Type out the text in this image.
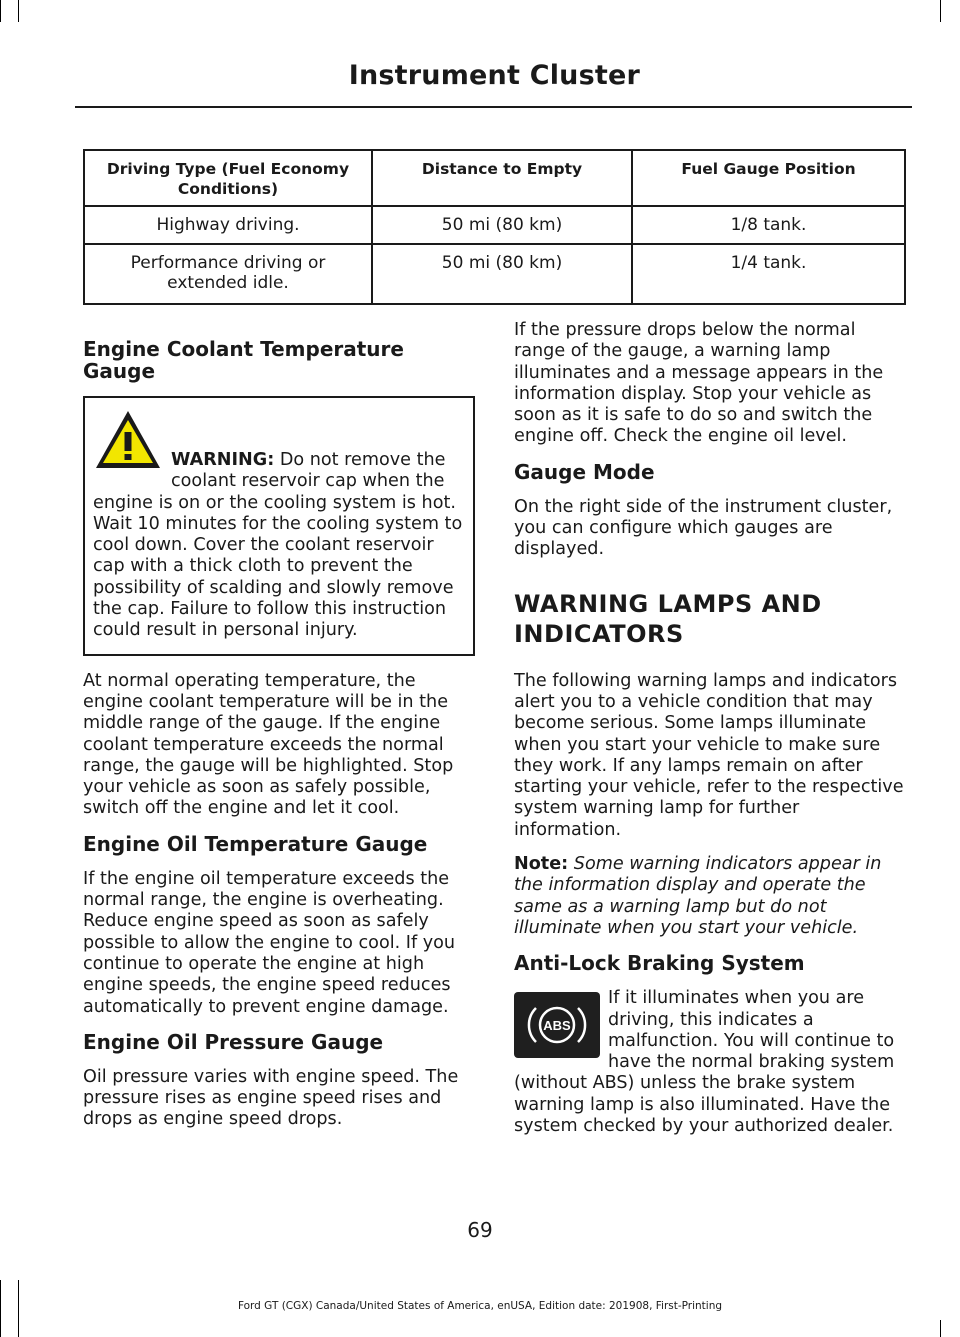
Instrument Cluster
Driving Type (Fuel Economy Conditions)	Distance to Empty	Fuel Gauge Position
Highway driving.	50 mi (80 km)	1/8 tank.
Performance driving or extended idle.	50 mi (80 km)	1/4 tank.
Engine Coolant Temperature Gauge
WARNING: Do not remove the coolant reservoir cap when the engine is on or the cooling system is hot. Wait 10 minutes for the cooling system to cool down. Cover the coolant reservoir cap with a thick cloth to prevent the possibility of scalding and slowly remove the cap. Failure to follow this instruction could result in personal injury.

At normal operating temperature, the engine coolant temperature will be in the middle range of the gauge. If the engine coolant temperature exceeds the normal range, the gauge will be highlighted. Stop your vehicle as soon as safely possible, switch off the engine and let it cool.

Engine Oil Temperature Gauge

If the engine oil temperature exceeds the normal range, the engine is overheating. Reduce engine speed as soon as safely possible to allow the engine to cool. If you continue to operate the engine at high engine speeds, the engine speed reduces automatically to prevent engine damage.

Engine Oil Pressure Gauge

Oil pressure varies with engine speed. The pressure rises as engine speed rises and drops as engine speed drops.

If the pressure drops below the normal range of the gauge, a warning lamp illuminates and a message appears in the information display. Stop your vehicle as soon as it is safe to do so and switch the engine off. Check the engine oil level.

Gauge Mode

On the right side of the instrument cluster, you can configure which gauges are displayed.

WARNING LAMPS AND INDICATORS

The following warning lamps and indicators alert you to a vehicle condition that may become serious. Some lamps illuminate when you start your vehicle to make sure they work. If any lamps remain on after starting your vehicle, refer to the respective system warning lamp for further information.

Note: Some warning indicators appear in the information display and operate the same as a warning lamp but do not illuminate when you start your vehicle.

Anti-Lock Braking System
ABS
If it illuminates when you are driving, this indicates a malfunction. You will continue to have the normal braking system (without ABS) unless the brake system warning lamp is also illuminated. Have the system checked by your authorized dealer.
69
Ford GT (CGX) Canada/United States of America, enUSA, Edition date: 201908, First-Printing
